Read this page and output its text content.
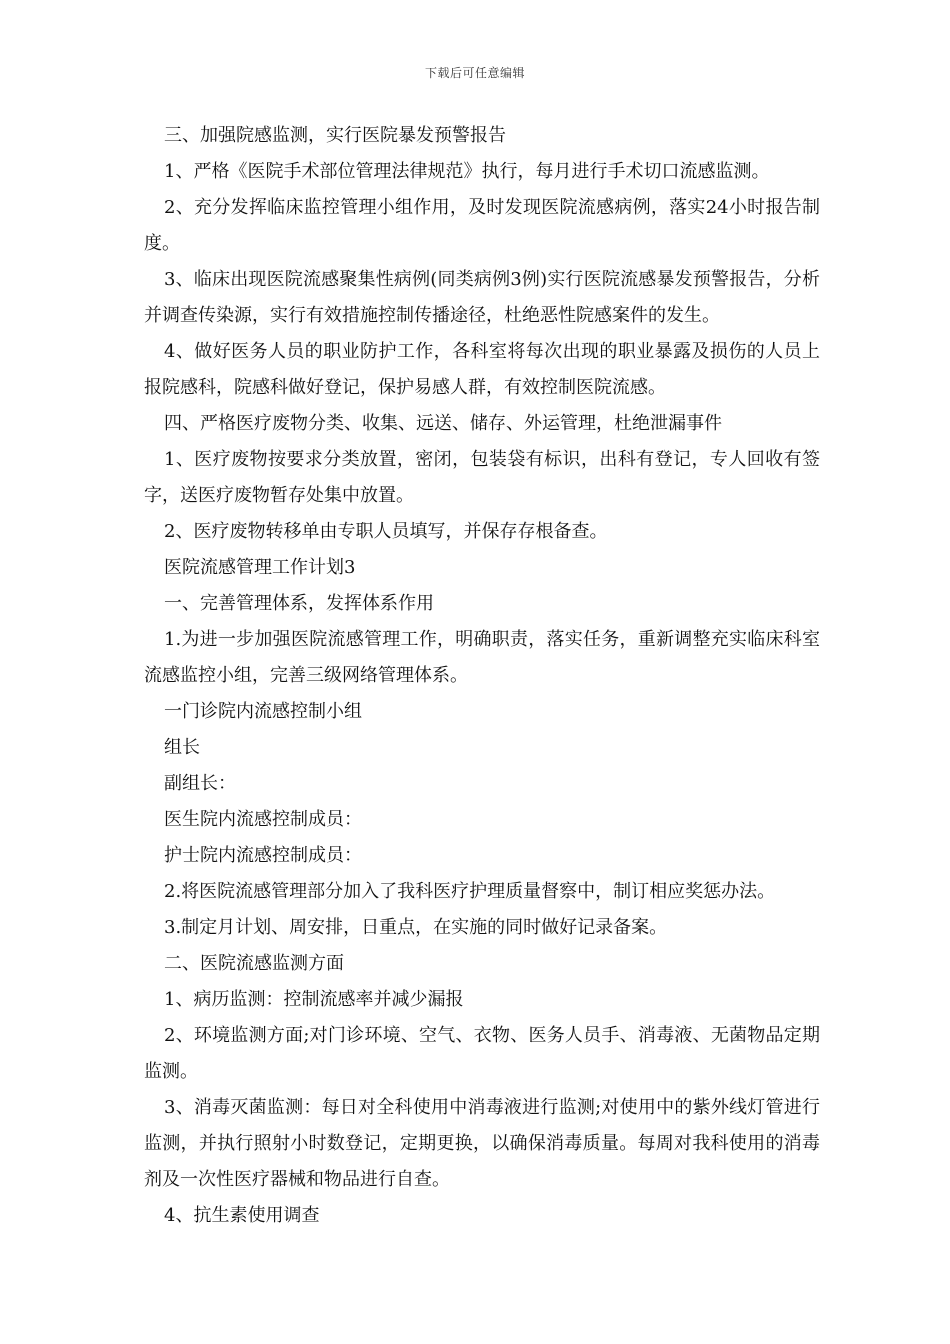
下载后可任意编辑

三、加强院感监测，实行医院暴发预警报告

1、严格《医院手术部位管理法律规范》执行，每月进行手术切口流感监测。

2、充分发挥临床监控管理小组作用，及时发现医院流感病例，落实24小时报告制度。

3、临床出现医院流感聚集性病例(同类病例3例)实行医院流感暴发预警报告，分析并调查传染源，实行有效措施控制传播途径，杜绝恶性院感案件的发生。

4、做好医务人员的职业防护工作，各科室将每次出现的职业暴露及损伤的人员上报院感科，院感科做好登记，保护易感人群，有效控制医院流感。

四、严格医疗废物分类、收集、远送、储存、外运管理，杜绝泄漏事件

1、医疗废物按要求分类放置，密闭，包装袋有标识，出科有登记，专人回收有签字，送医疗废物暂存处集中放置。

2、医疗废物转移单由专职人员填写，并保存存根备查。

医院流感管理工作计划3

一、完善管理体系，发挥体系作用

1.为进一步加强医院流感管理工作，明确职责，落实任务，重新调整充实临床科室流感监控小组，完善三级网络管理体系。

一门诊院内流感控制小组

组长

副组长：

医生院内流感控制成员：

护士院内流感控制成员：

2.将医院流感管理部分加入了我科医疗护理质量督察中，制订相应奖惩办法。

3.制定月计划、周安排，日重点，在实施的同时做好记录备案。

二、医院流感监测方面

1、病历监测：控制流感率并减少漏报

2、环境监测方面;对门诊环境、空气、衣物、医务人员手、消毒液、无菌物品定期监测。

3、消毒灭菌监测：每日对全科使用中消毒液进行监测;对使用中的紫外线灯管进行监测，并执行照射小时数登记，定期更换，以确保消毒质量。每周对我科使用的消毒剂及一次性医疗器械和物品进行自查。

4、抗生素使用调查
